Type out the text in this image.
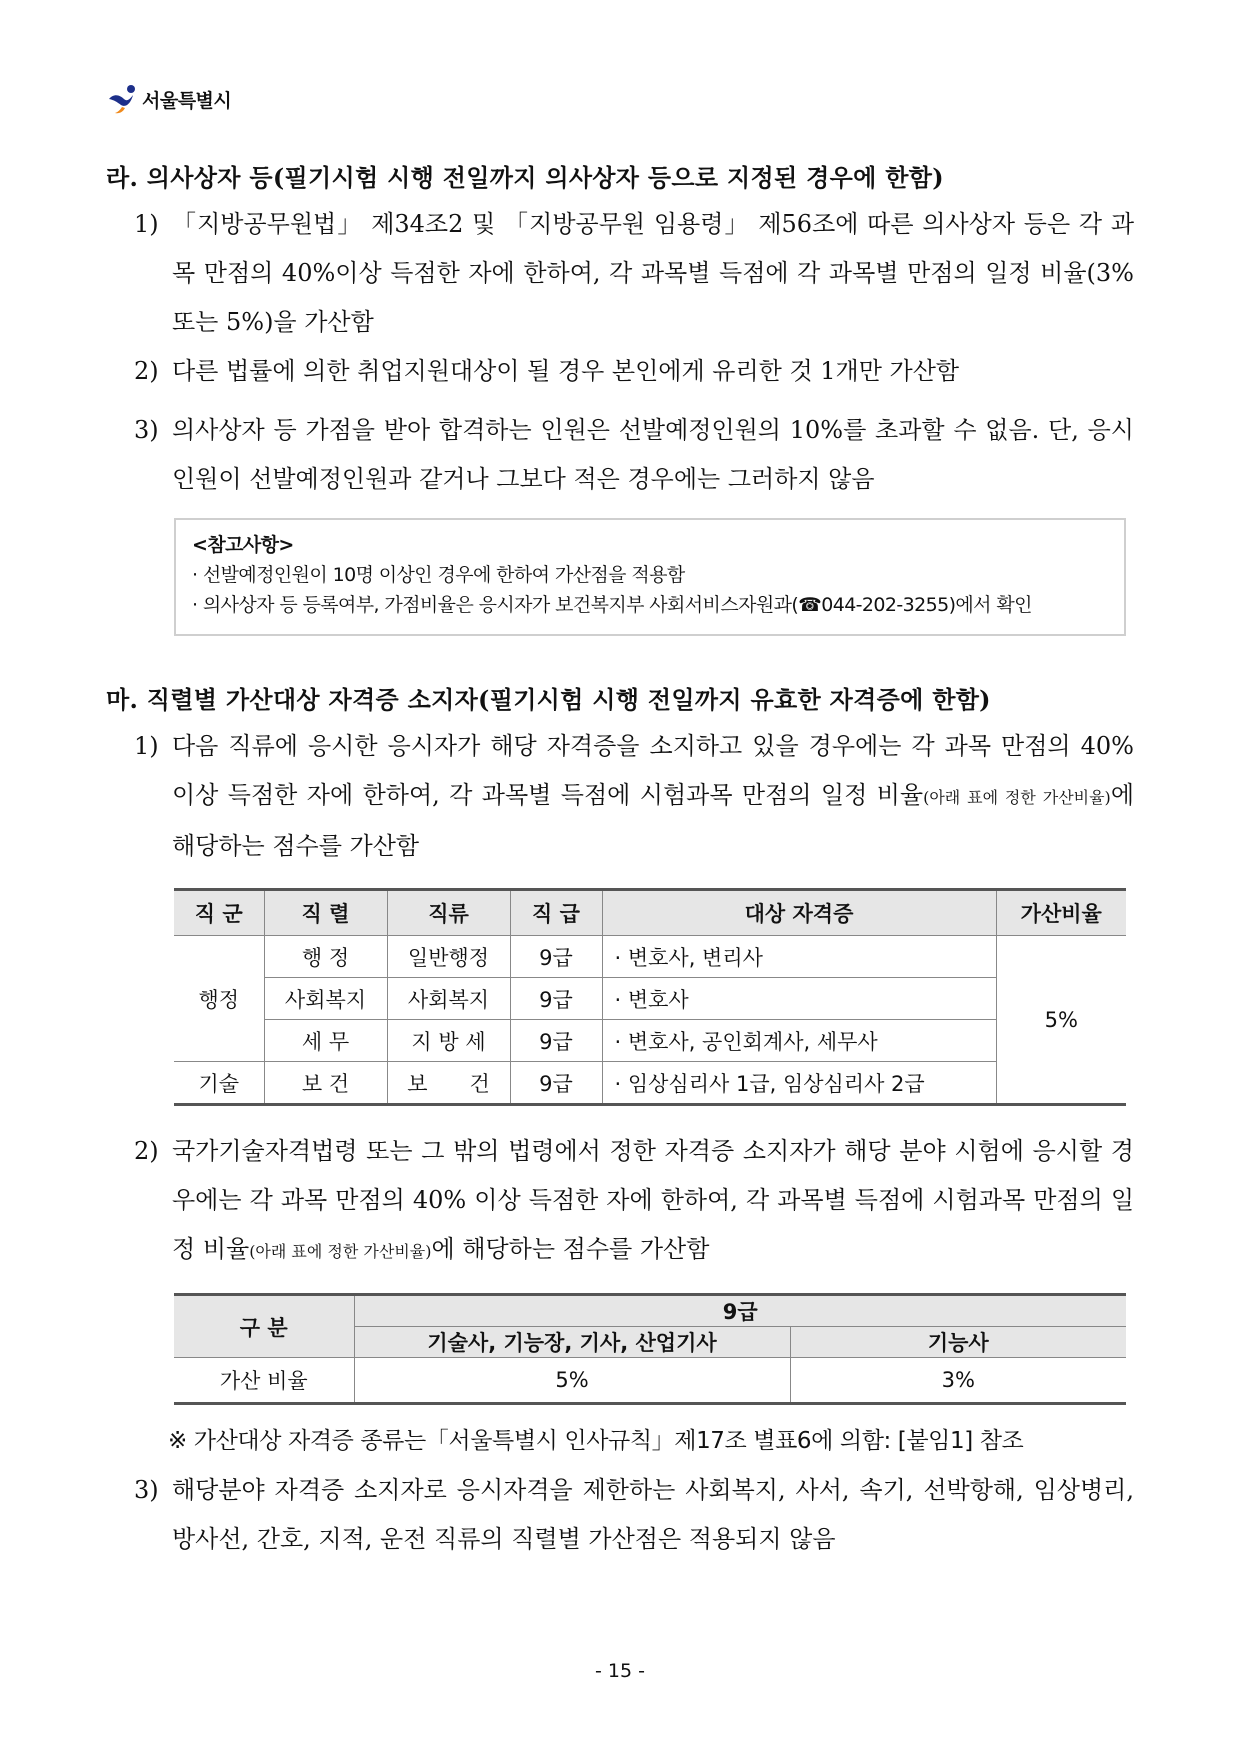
서울특별시
라. 의사상자 등(필기시험 시행 전일까지 의사상자 등으로 지정된 경우에 한함)
1) 「지방공무원법」 제34조2 및 「지방공무원 임용령」 제56조에 따른 의사상자 등은 각 과목 만점의 40%이상 득점한 자에 한하여, 각 과목별 득점에 각 과목별 만점의 일정 비율(3% 또는 5%)을 가산함
2) 다른 법률에 의한 취업지원대상이 될 경우 본인에게 유리한 것 1개만 가산함
3) 의사상자 등 가점을 받아 합격하는 인원은 선발예정인원의 10%를 초과할 수 없음. 단, 응시인원이 선발예정인원과 같거나 그보다 적은 경우에는 그러하지 않음
<참고사항>
· 선발예정인원이 10명 이상인 경우에 한하여 가산점을 적용함
· 의사상자 등 등록여부, 가점비율은 응시자가 보건복지부 사회서비스자원과(☎044-202-3255)에서 확인
마. 직렬별 가산대상 자격증 소지자(필기시험 시행 전일까지 유효한 자격증에 한함)
1) 다음 직류에 응시한 응시자가 해당 자격증을 소지하고 있을 경우에는 각 과목 만점의 40% 이상 득점한 자에 한하여, 각 과목별 득점에 시험과목 만점의 일정 비율(아래 표에 정한 가산비율)에 해당하는 점수를 가산함
직 군	직 렬	직류	직 급	대상 자격증	가산비율
행정	행 정	일반행정	9급	· 변호사, 변리사	5%
	사회복지	사회복지	9급	· 변호사	
	세 무	지 방 세	9급	· 변호사, 공인회계사, 세무사	
기술	보 건	보　　건	9급	· 임상심리사 1급, 임상심리사 2급	
2) 국가기술자격법령 또는 그 밖의 법령에서 정한 자격증 소지자가 해당 분야 시험에 응시할 경우에는 각 과목 만점의 40% 이상 득점한 자에 한하여, 각 과목별 득점에 시험과목 만점의 일정 비율(아래 표에 정한 가산비율)에 해당하는 점수를 가산함
구 분	9급	
	기술사, 기능장, 기사, 산업기사	기능사
가산 비율	5%	3%
※ 가산대상 자격증 종류는「서울특별시 인사규칙」제17조 별표6에 의함: [붙임1] 참조
3) 해당분야 자격증 소지자로 응시자격을 제한하는 사회복지, 사서, 속기, 선박항해, 임상병리, 방사선, 간호, 지적, 운전 직류의 직렬별 가산점은 적용되지 않음
- 15 -
